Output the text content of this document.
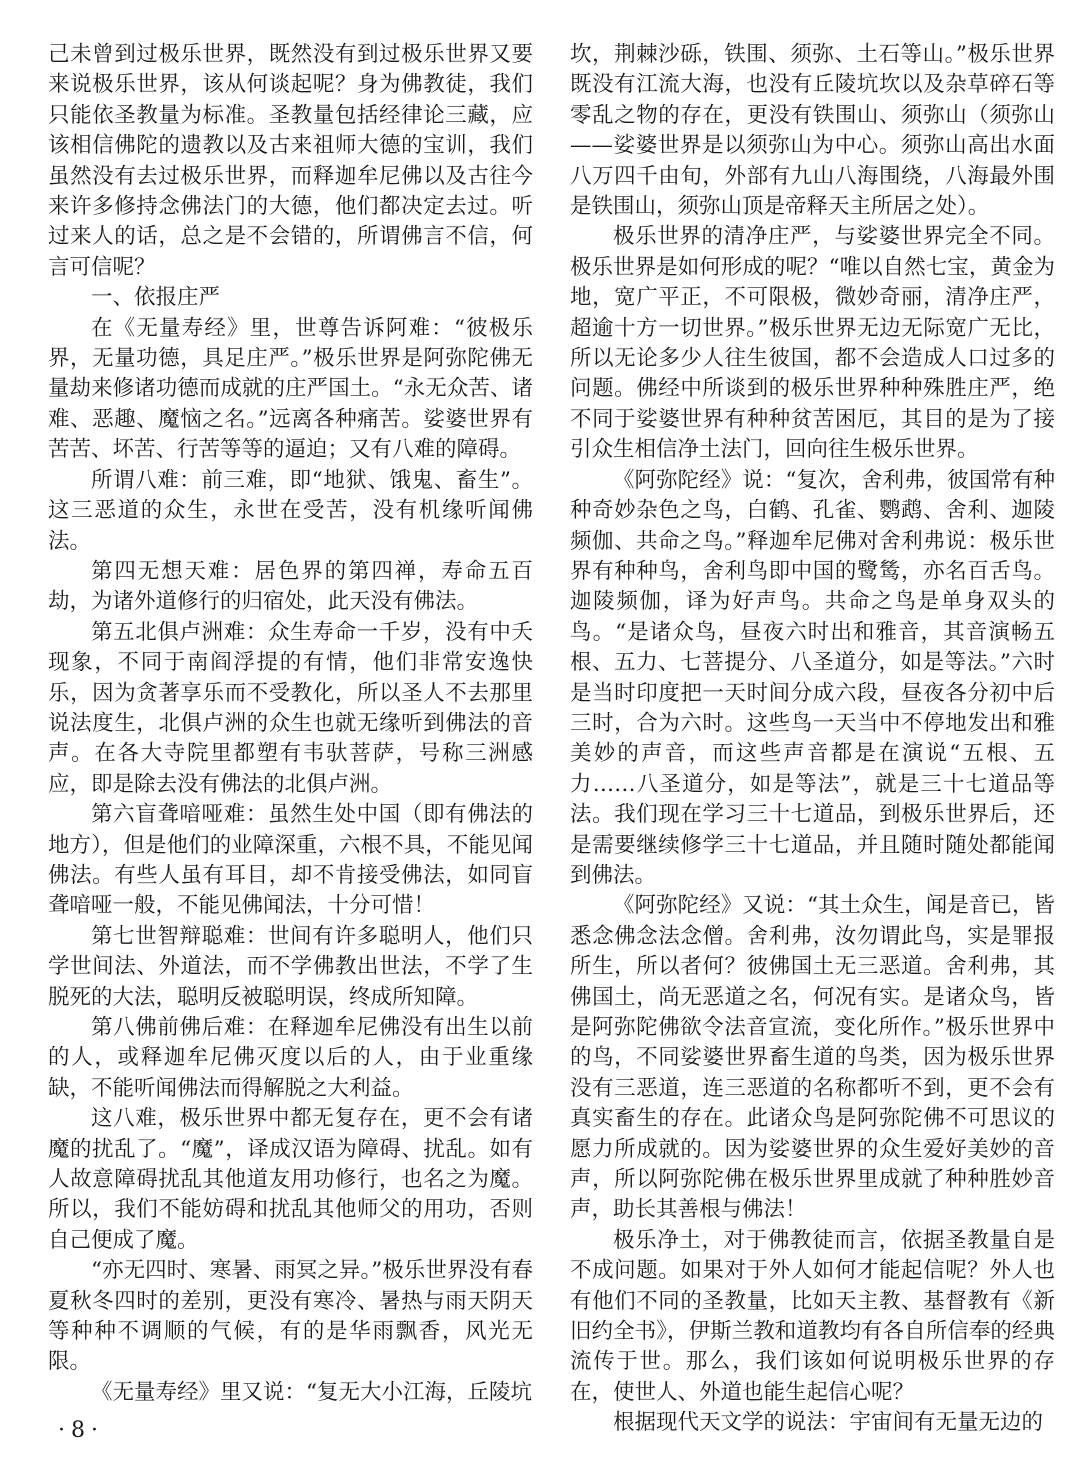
己未曾到过极乐世界，既然没有到过极乐世界又要来说极乐世界，该从何谈起呢？身为佛教徒，我们只能依圣教量为标准。圣教量包括经律论三藏，应该相信佛陀的遗教以及古来祖师大德的宝训，我们虽然没有去过极乐世界，而释迦牟尼佛以及古往今来许多修持念佛法门的大德，他们都决定去过。听过来人的话，总之是不会错的，所谓佛言不信，何言可信呢？

一、依报庄严

在《无量寿经》里，世尊告诉阿难：“彼极乐界，无量功德，具足庄严。”极乐世界是阿弥陀佛无量劫来修诸功德而成就的庄严国土。“永无众苦、诸难、恶趣、魔恼之名。”远离各种痛苦。娑婆世界有苦苦、坏苦、行苦等等的逼迫；又有八难的障碍。

所谓八难：前三难，即“地狱、饿鬼、畜生”。这三恶道的众生，永世在受苦，没有机缘听闻佛法。

第四无想天难：居色界的第四禅，寿命五百劫，为诸外道修行的归宿处，此天没有佛法。

第五北俱卢洲难：众生寿命一千岁，没有中夭现象，不同于南阎浮提的有情，他们非常安逸快乐，因为贪著享乐而不受教化，所以圣人不去那里说法度生，北俱卢洲的众生也就无缘听到佛法的音声。在各大寺院里都塑有韦驮菩萨，号称三洲感应，即是除去没有佛法的北俱卢洲。

第六盲聋喑哑难：虽然生处中国（即有佛法的地方），但是他们的业障深重，六根不具，不能见闻佛法。有些人虽有耳目，却不肯接受佛法，如同盲聋喑哑一般，不能见佛闻法，十分可惜！

第七世智辩聪难：世间有许多聪明人，他们只学世间法、外道法，而不学佛教出世法，不学了生脱死的大法，聪明反被聪明误，终成所知障。

第八佛前佛后难：在释迦牟尼佛没有出生以前的人，或释迦牟尼佛灭度以后的人，由于业重缘缺，不能听闻佛法而得解脱之大利益。

这八难，极乐世界中都无复存在，更不会有诸魔的扰乱了。“魔”，译成汉语为障碍、扰乱。如有人故意障碍扰乱其他道友用功修行，也名之为魔。所以，我们不能妨碍和扰乱其他师父的用功，否则自己便成了魔。

“亦无四时、寒暑、雨冥之异。”极乐世界没有春夏秋冬四时的差别，更没有寒冷、暑热与雨天阴天等种种不调顺的气候，有的是华雨飘香，风光无限。

《无量寿经》里又说：“复无大小江海，丘陵坑

坎，荆棘沙砾，铁围、须弥、土石等山。”极乐世界既没有江流大海，也没有丘陵坑坎以及杂草碎石等零乱之物的存在，更没有铁围山、须弥山（须弥山——娑婆世界是以须弥山为中心。须弥山高出水面八万四千由旬，外部有九山八海围绕，八海最外围是铁围山，须弥山顶是帝释天主所居之处）。

极乐世界的清净庄严，与娑婆世界完全不同。极乐世界是如何形成的呢？“唯以自然七宝，黄金为地，宽广平正，不可限极，微妙奇丽，清净庄严，超逾十方一切世界。”极乐世界无边无际宽广无比，所以无论多少人往生彼国，都不会造成人口过多的问题。佛经中所谈到的极乐世界种种殊胜庄严，绝不同于娑婆世界有种种贫苦困厄，其目的是为了接引众生相信净土法门，回向往生极乐世界。

《阿弥陀经》说：“复次，舍利弗，彼国常有种种奇妙杂色之鸟，白鹤、孔雀、鹦鹉、舍利、迦陵频伽、共命之鸟。”释迦牟尼佛对舍利弗说：极乐世界有种种鸟，舍利鸟即中国的鹭鸶，亦名百舌鸟。迦陵频伽，译为好声鸟。共命之鸟是单身双头的鸟。“是诸众鸟，昼夜六时出和雅音，其音演畅五根、五力、七菩提分、八圣道分，如是等法。”六时是当时印度把一天时间分成六段，昼夜各分初中后三时，合为六时。这些鸟一天当中不停地发出和雅美妙的声音，而这些声音都是在演说“五根、五力……八圣道分，如是等法”，就是三十七道品等法。我们现在学习三十七道品，到极乐世界后，还是需要继续修学三十七道品，并且随时随处都能闻到佛法。

《阿弥陀经》又说：“其土众生，闻是音已，皆悉念佛念法念僧。舍利弗，汝勿谓此鸟，实是罪报所生，所以者何？彼佛国土无三恶道。舍利弗，其佛国土，尚无恶道之名，何况有实。是诸众鸟，皆是阿弥陀佛欲令法音宣流，变化所作。”极乐世界中的鸟，不同娑婆世界畜生道的鸟类，因为极乐世界没有三恶道，连三恶道的名称都听不到，更不会有真实畜生的存在。此诸众鸟是阿弥陀佛不可思议的愿力所成就的。因为娑婆世界的众生爱好美妙的音声，所以阿弥陀佛在极乐世界里成就了种种胜妙音声，助长其善根与佛法！

极乐净土，对于佛教徒而言，依据圣教量自是不成问题。如果对于外人如何才能起信呢？外人也有他们不同的圣教量，比如天主教、基督教有《新旧约全书》，伊斯兰教和道教均有各自所信奉的经典流传于世。那么，我们该如何说明极乐世界的存在，使世人、外道也能生起信心呢？

根据现代天文学的说法：宇宙间有无量无边的

·8·
